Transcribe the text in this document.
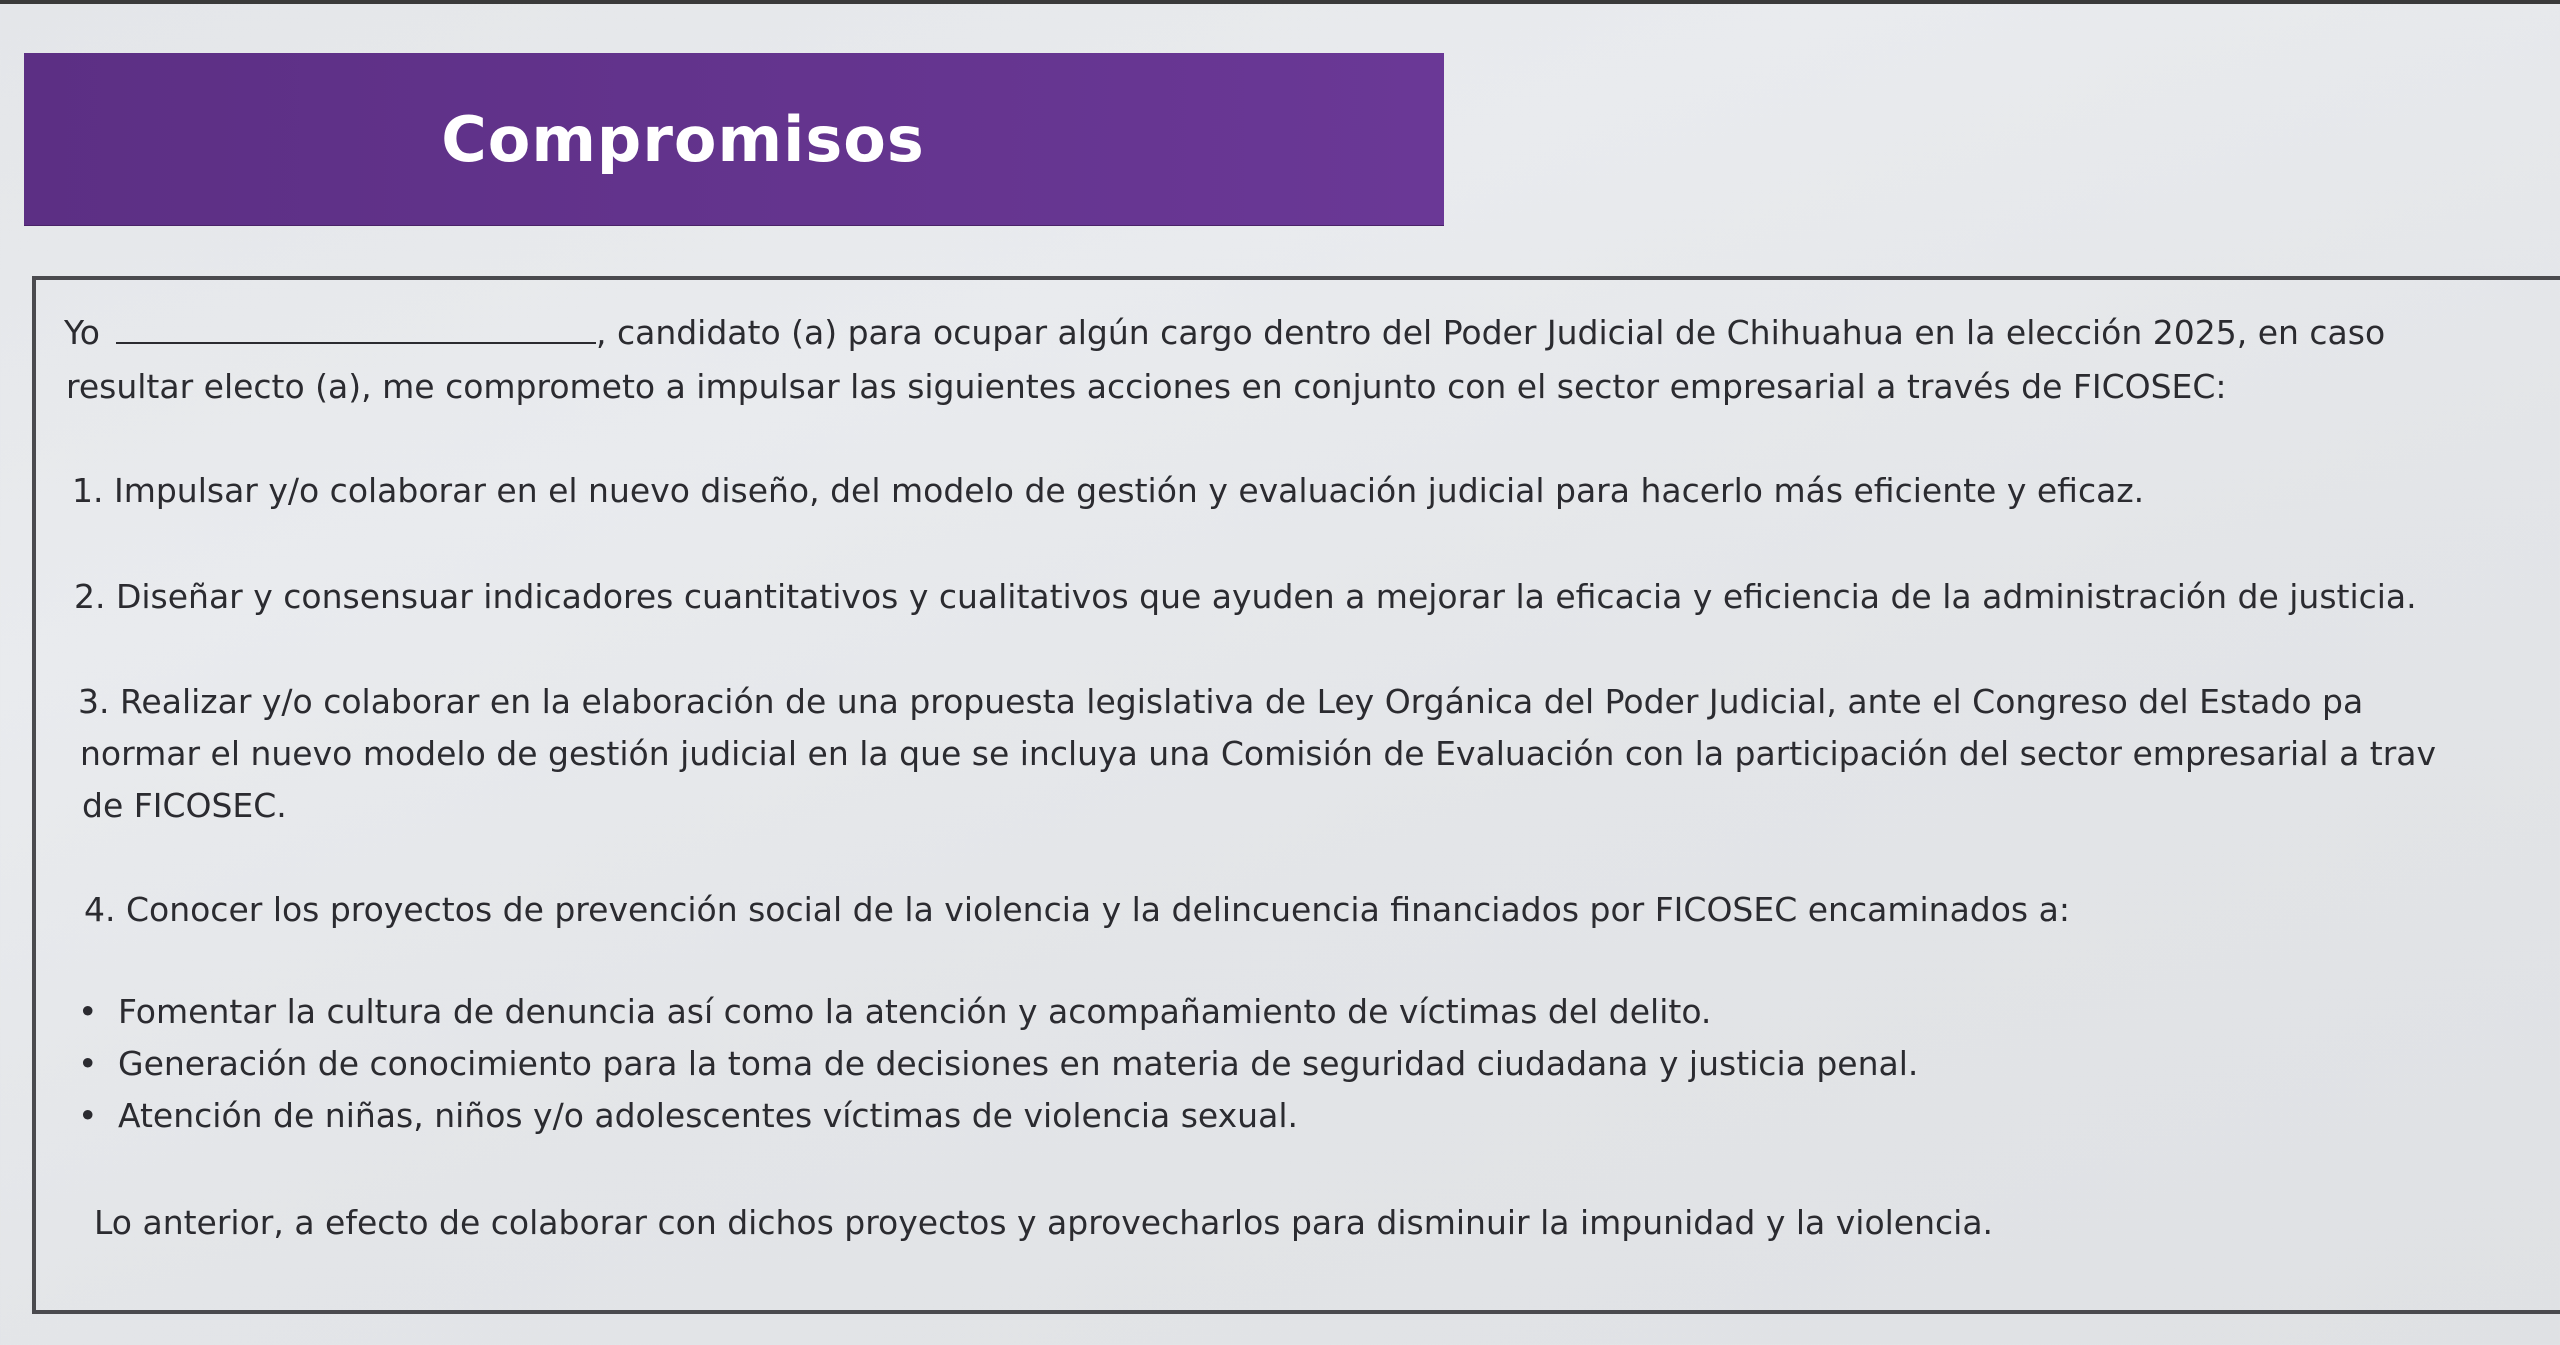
Compromisos
Yo	, candidato (a) para ocupar algún cargo dentro del Poder Judicial de Chihuahua en la elección 2025, en caso
resultar electo (a), me comprometo a impulsar las siguientes acciones en conjunto con el sector empresarial a través de FICOSEC:
1. Impulsar y/o colaborar en el nuevo diseño, del modelo de gestión y evaluación judicial para hacerlo más eficiente y eficaz.
2. Diseñar y consensuar indicadores cuantitativos y cualitativos que ayuden a mejorar la eficacia y eficiencia de la administración de justicia.
3. Realizar y/o colaborar en la elaboración de una propuesta legislativa de Ley Orgánica del Poder Judicial, ante el Congreso del Estado pa
normar el nuevo modelo de gestión judicial en la que se incluya una Comisión de Evaluación con la participación del sector empresarial a trav
de FICOSEC.
4. Conocer los proyectos de prevención social de la violencia y la delincuencia financiados por FICOSEC encaminados a:
• Fomentar la cultura de denuncia así como la atención y acompañamiento de víctimas del delito.
• Generación de conocimiento para la toma de decisiones en materia de seguridad ciudadana y justicia penal.
• Atención de niñas, niños y/o adolescentes víctimas de violencia sexual.
Lo anterior, a efecto de colaborar con dichos proyectos y aprovecharlos para disminuir la impunidad y la violencia.
